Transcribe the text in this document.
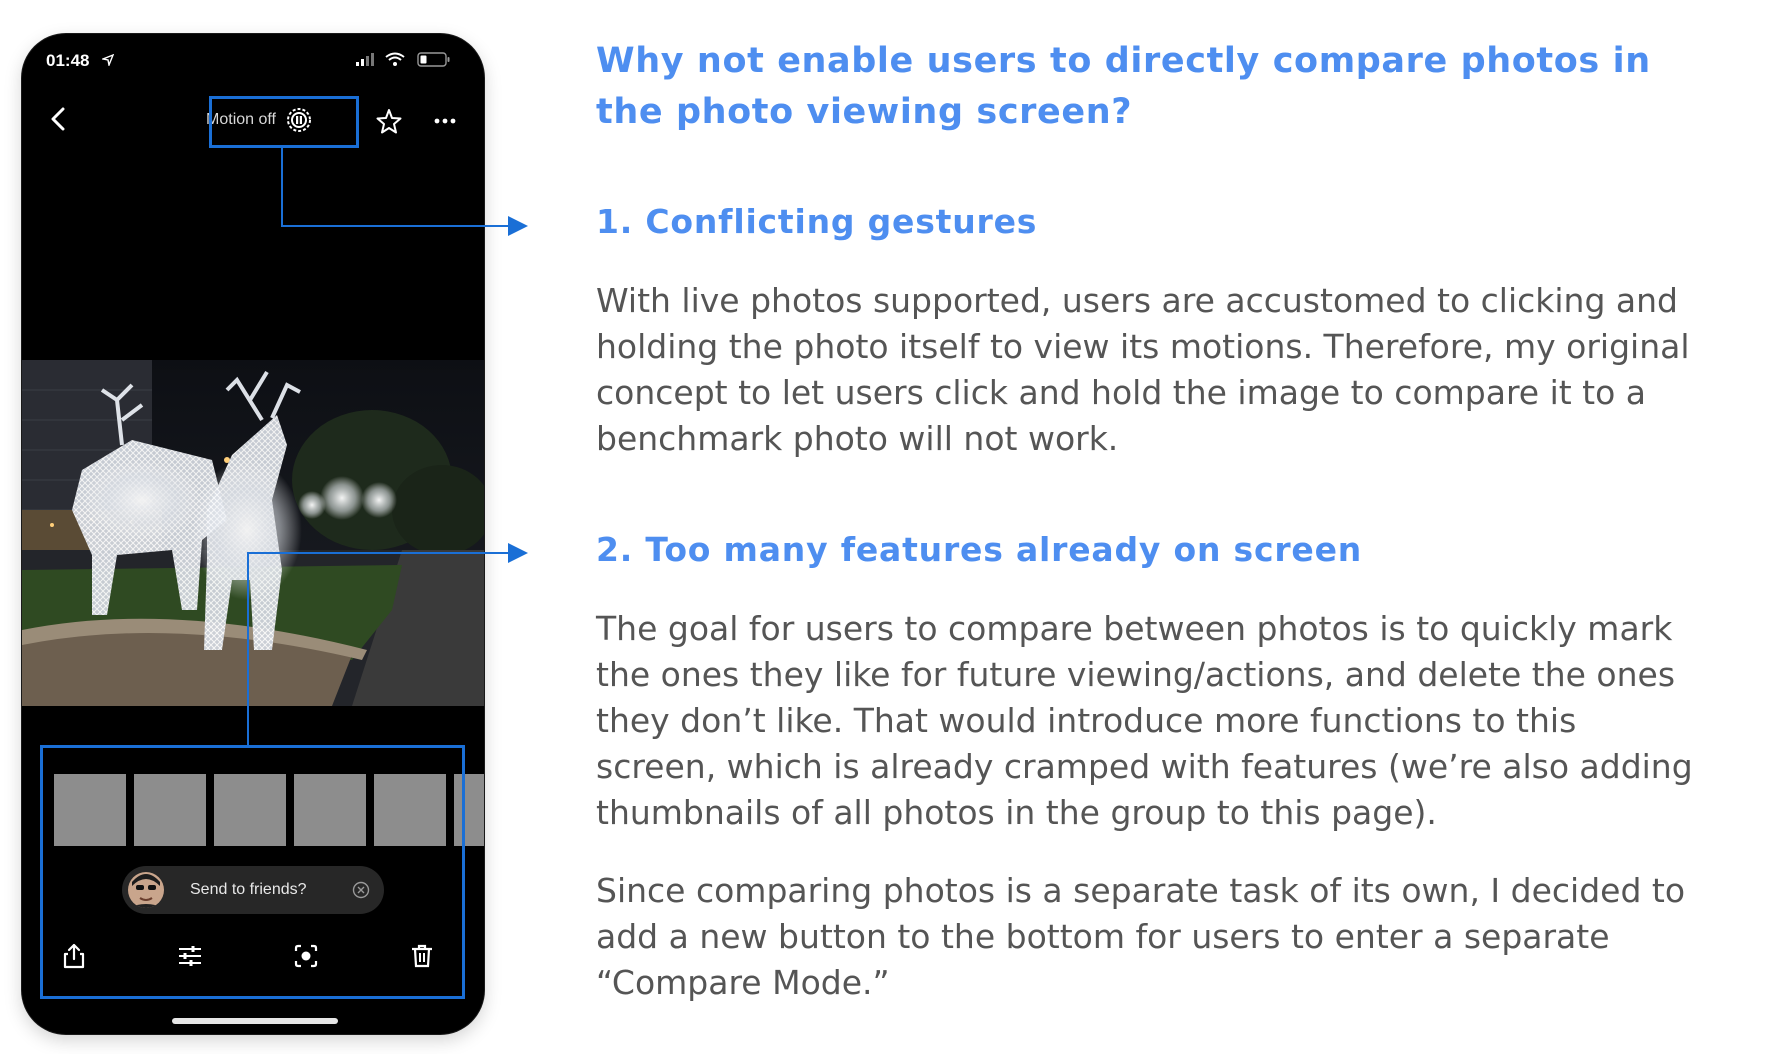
01:48
Motion off
Send to friends?
Why not enable users to directly compare photos in the photo viewing screen?
1. Conflicting gestures

With live photos supported, users are accustomed to clicking and holding the photo itself to view its motions. Therefore, my original concept to let users click and hold the image to compare it to a benchmark photo will not work.

2. Too many features already on screen

The goal for users to compare between photos is to quickly mark the ones they like for future viewing/actions, and delete the ones they don’t like. That would introduce more functions to this screen, which is already cramped with features (we’re also adding thumbnails of all photos in the group to this page).

Since comparing photos is a separate task of its own, I decided to add a new button to the bottom for users to enter a separate “Compare Mode.”
